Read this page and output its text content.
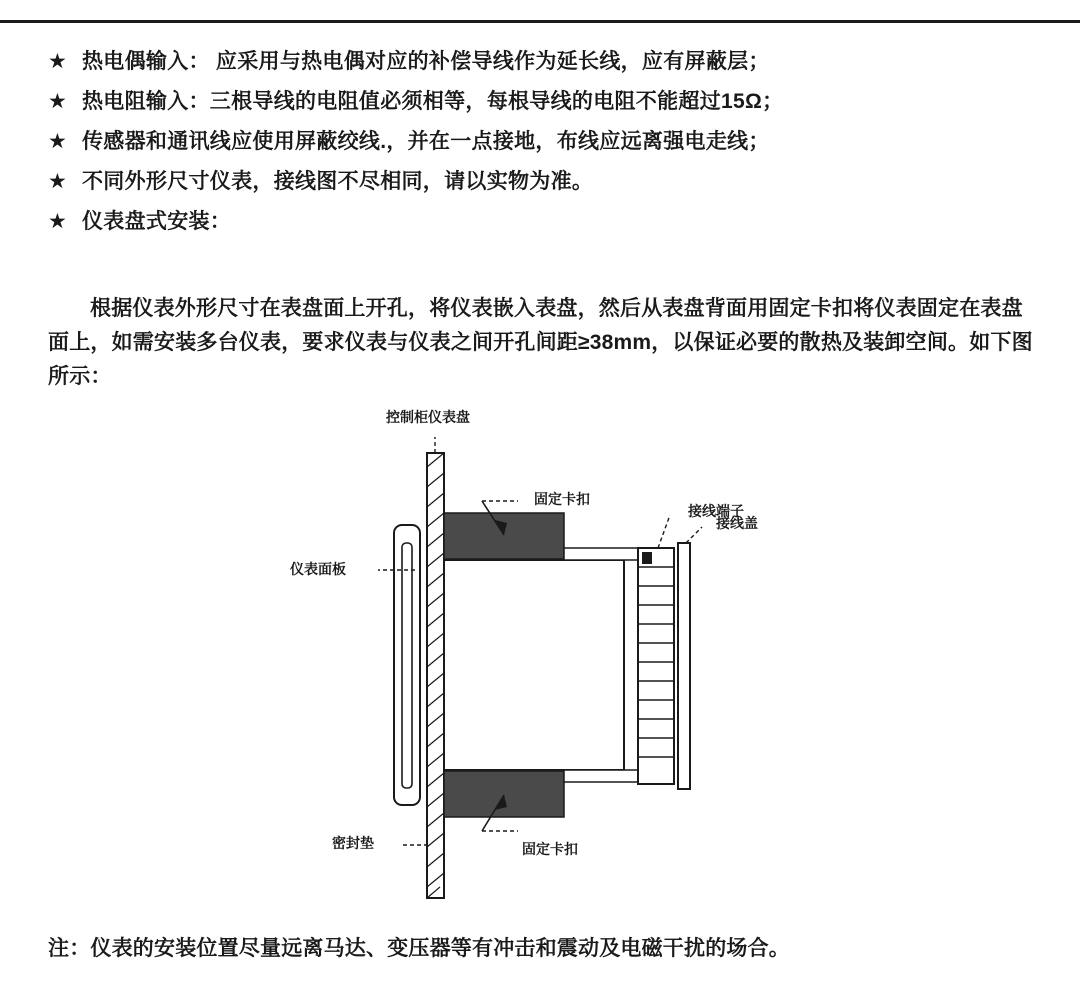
★ 热电偶输入： 应采用与热电偶对应的补偿导线作为延长线，应有屏蔽层；
★ 热电阻输入：三根导线的电阻值必须相等，每根导线的电阻不能超过15Ω；
★ 传感器和通讯线应使用屏蔽绞线.，并在一点接地，布线应远离强电走线；
★ 不同外形尺寸仪表，接线图不尽相同，请以实物为准。
★ 仪表盘式安装：
根据仪表外形尺寸在表盘面上开孔，将仪表嵌入表盘，然后从表盘背面用固定卡扣将仪表固定在表盘面上，如需安装多台仪表，要求仪表与仪表之间开孔间距≥38mm，以保证必要的散热及装卸空间。如下图所示：
控制柜仪表盘
固定卡扣
接线端子
接线盖
仪表面板
密封垫	固定卡扣
注：仪表的安装位置尽量远离马达、变压器等有冲击和震动及电磁干扰的场合。
